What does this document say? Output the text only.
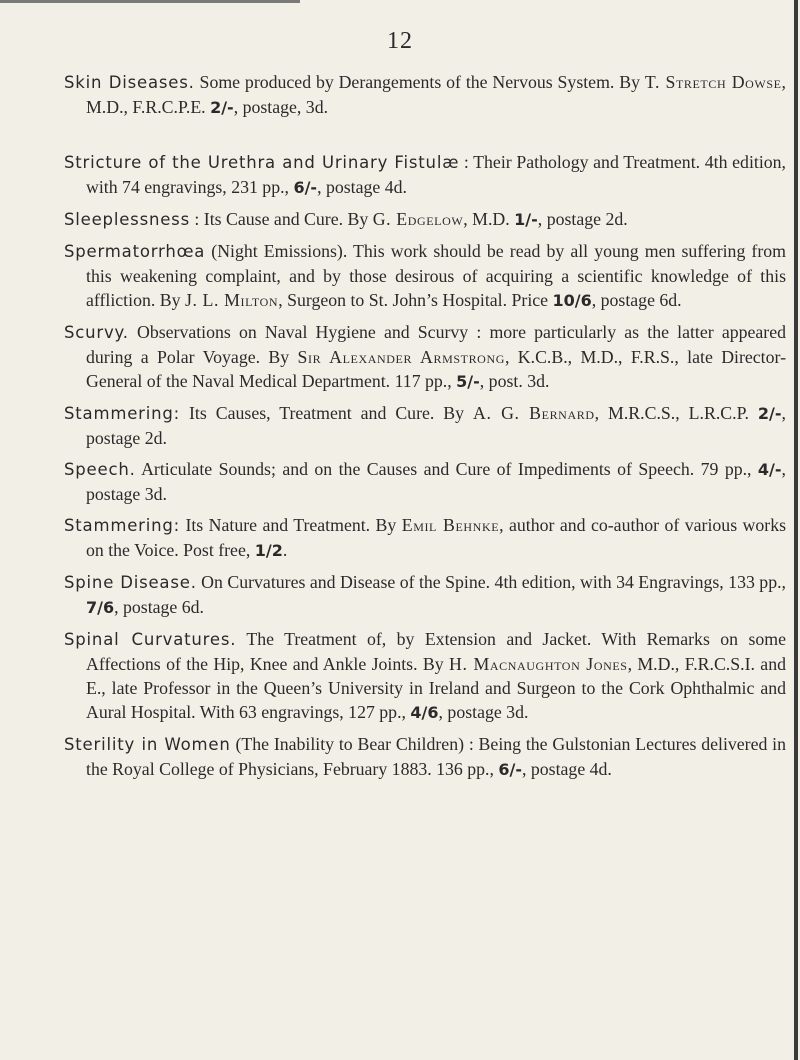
12

Skin Diseases. Some produced by Derangements of the Nervous System. By T. Stretch Dowse, M.D., F.R.C.P.E. 2/-, postage, 3d.

Stricture of the Urethra and Urinary Fistulæ : Their Pathology and Treatment. 4th edition, with 74 engravings, 231 pp., 6/-, postage 4d.

Sleeplessness : Its Cause and Cure. By G. Edgelow, M.D. 1/-, postage 2d.

Spermatorrhœa (Night Emissions). This work should be read by all young men suffering from this weakening complaint, and by those desirous of acquiring a scientific knowledge of this affliction. By J. L. Milton, Surgeon to St. John’s Hospital. Price 10/6, postage 6d.

Scurvy. Observations on Naval Hygiene and Scurvy : more particularly as the latter appeared during a Polar Voyage. By Sir Alexander Armstrong, K.C.B., M.D., F.R.S., late Director-General of the Naval Medical Department. 117 pp., 5/-, post. 3d.

Stammering: Its Causes, Treatment and Cure. By A. G. Bernard, M.R.C.S., L.R.C.P. 2/-, postage 2d.

Speech. Articulate Sounds; and on the Causes and Cure of Impediments of Speech. 79 pp., 4/-, postage 3d.

Stammering: Its Nature and Treatment. By Emil Behnke, author and co-author of various works on the Voice. Post free, 1/2.

Spine Disease. On Curvatures and Disease of the Spine. 4th edition, with 34 Engravings, 133 pp., 7/6, postage 6d.

Spinal Curvatures. The Treatment of, by Extension and Jacket. With Remarks on some Affections of the Hip, Knee and Ankle Joints. By H. Macnaughton Jones, M.D., F.R.C.S.I. and E., late Professor in the Queen’s University in Ireland and Surgeon to the Cork Ophthalmic and Aural Hospital. With 63 engravings, 127 pp., 4/6, postage 3d.

Sterility in Women (The Inability to Bear Children) : Being the Gulstonian Lectures delivered in the Royal College of Physicians, February 1883. 136 pp., 6/-, postage 4d.
